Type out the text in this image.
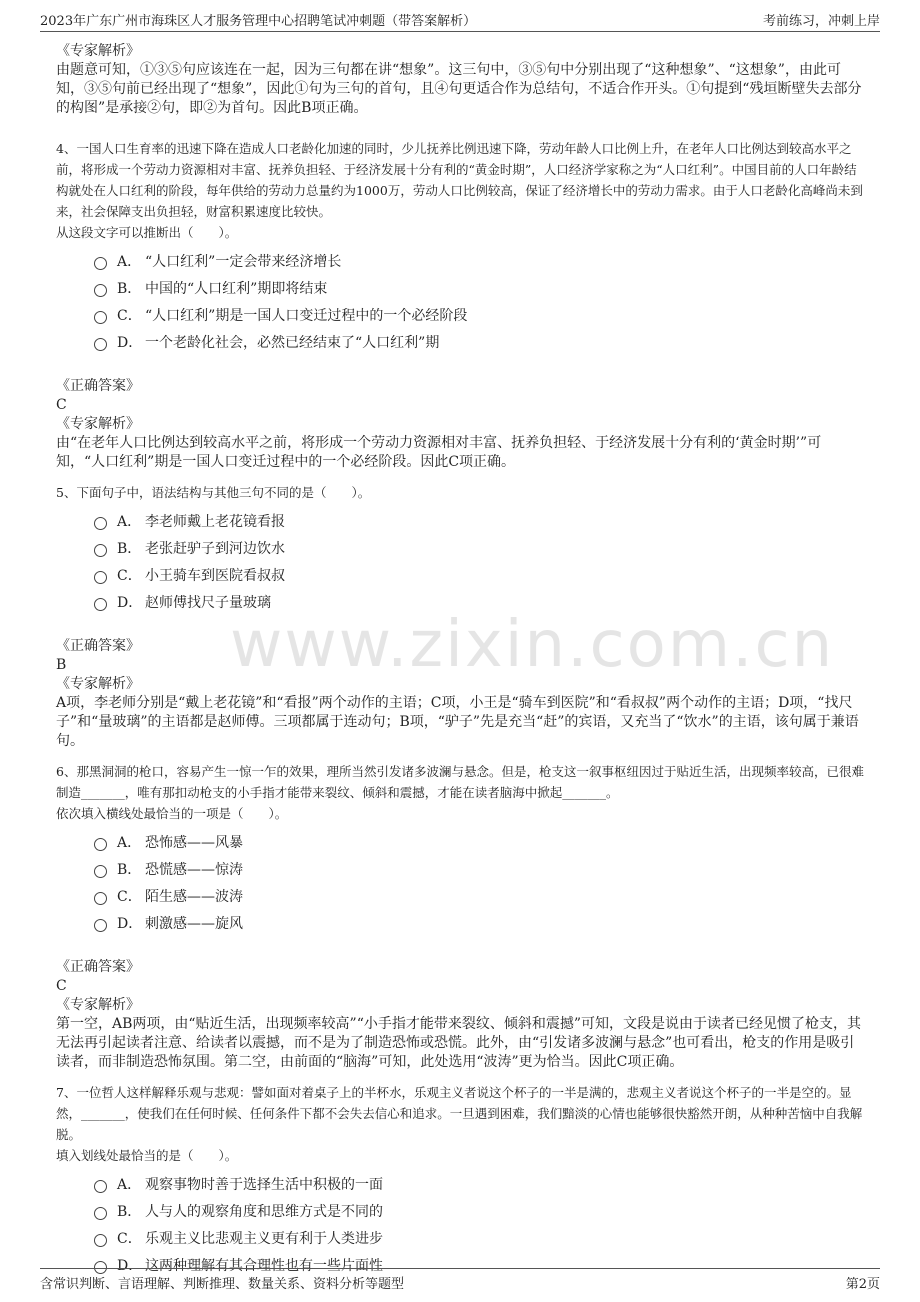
2023年广东广州市海珠区人才服务管理中心招聘笔试冲刺题（带答案解析）	考前练习，冲刺上岸
www.zixin.com.cn

《专家解析》

由题意可知，①③⑤句应该连在一起，因为三句都在讲“想象”。这三句中，③⑤句中分别出现了“这种想象”、“这想象”，由此可知，③⑤句前已经出现了“想象”，因此①句为三句的首句，且④句更适合作为总结句，不适合作开头。①句提到“残垣断壁失去部分的构图”是承接②句，即②为首句。因此B项正确。

4、一国人口生育率的迅速下降在造成人口老龄化加速的同时，少儿抚养比例迅速下降，劳动年龄人口比例上升，在老年人口比例达到较高水平之前，将形成一个劳动力资源相对丰富、抚养负担轻、于经济发展十分有利的“黄金时期”，人口经济学家称之为“人口红利”。中国目前的人口年龄结构就处在人口红利的阶段，每年供给的劳动力总量约为1000万，劳动人口比例较高，保证了经济增长中的劳动力需求。由于人口老龄化高峰尚未到来，社会保障支出负担轻，财富积累速度比较快。

从这段文字可以推断出（　　）。

A． “人口红利”一定会带来经济增长
B． 中国的“人口红利”期即将结束
C． “人口红利”期是一国人口变迁过程中的一个必经阶段
D． 一个老龄化社会，必然已经结束了“人口红利”期

《正确答案》

C

《专家解析》

由“在老年人口比例达到较高水平之前，将形成一个劳动力资源相对丰富、抚养负担轻、于经济发展十分有利的‘黄金时期’”可知，“人口红利”期是一国人口变迁过程中的一个必经阶段。因此C项正确。

5、下面句子中，语法结构与其他三句不同的是（　　）。

A． 李老师戴上老花镜看报
B． 老张赶驴子到河边饮水
C． 小王骑车到医院看叔叔
D． 赵师傅找尺子量玻璃

《正确答案》

B

《专家解析》

A项，李老师分别是“戴上老花镜”和“看报”两个动作的主语；C项，小王是“骑车到医院”和“看叔叔”两个动作的主语；D项，“找尺子”和“量玻璃”的主语都是赵师傅。三项都属于连动句；B项，“驴子”先是充当“赶”的宾语，又充当了“饮水”的主语，该句属于兼语句。

6、那黑洞洞的枪口，容易产生一惊一乍的效果，理所当然引发诸多波澜与悬念。但是，枪支这一叙事枢纽因过于贴近生活，出现频率较高，已很难制造_______，唯有那扣动枪支的小手指才能带来裂纹、倾斜和震撼，才能在读者脑海中掀起_______。

依次填入横线处最恰当的一项是（　　）。

A． 恐怖感——风暴
B． 恐慌感——惊涛
C． 陌生感——波涛
D． 刺激感——旋风

《正确答案》

C

《专家解析》

第一空，AB两项，由“贴近生活，出现频率较高”“小手指才能带来裂纹、倾斜和震撼”可知，文段是说由于读者已经见惯了枪支，其无法再引起读者注意、给读者以震撼，而不是为了制造恐怖或恐慌。此外，由“引发诸多波澜与悬念”也可看出，枪支的作用是吸引读者，而非制造恐怖氛围。第二空，由前面的“脑海”可知，此处选用“波涛”更为恰当。因此C项正确。

7、一位哲人这样解释乐观与悲观：譬如面对着桌子上的半杯水，乐观主义者说这个杯子的一半是满的，悲观主义者说这个杯子的一半是空的。显然，_______，使我们在任何时候、任何条件下都不会失去信心和追求。一旦遇到困难，我们黯淡的心情也能够很快豁然开朗，从种种苦恼中自我解脱。

填入划线处最恰当的是（　　）。

A． 观察事物时善于选择生活中积极的一面
B． 人与人的观察角度和思维方式是不同的
C． 乐观主义比悲观主义更有利于人类进步
D． 这两种理解有其合理性也有一些片面性
含常识判断、言语理解、判断推理、数量关系、资料分析等题型	第2页
